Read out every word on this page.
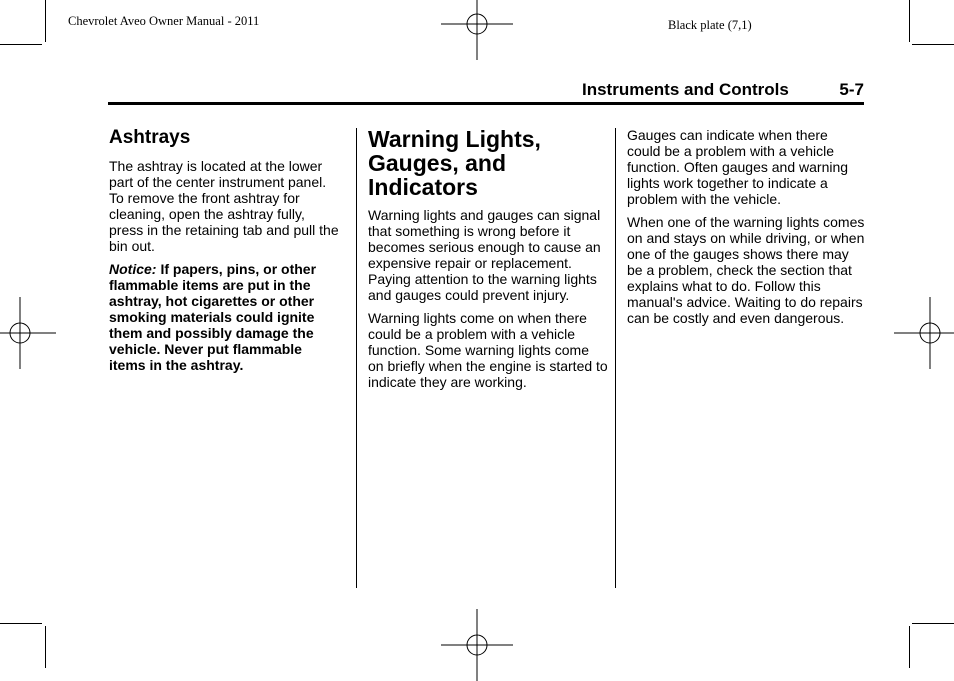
Chevrolet Aveo Owner Manual - 2011	Black plate (7,1)
Instruments and Controls	5-7
Ashtrays

The ashtray is located at the lower part of the center instrument panel. To remove the front ashtray for cleaning, open the ashtray fully, press in the retaining tab and pull the bin out.

Notice: If papers, pins, or other flammable items are put in the ashtray, hot cigarettes or other smoking materials could ignite them and possibly damage the vehicle. Never put flammable items in the ashtray.

Warning Lights, Gauges, and Indicators

Warning lights and gauges can signal that something is wrong before it becomes serious enough to cause an expensive repair or replacement. Paying attention to the warning lights and gauges could prevent injury.

Warning lights come on when there could be a problem with a vehicle function. Some warning lights come on briefly when the engine is started to indicate they are working.

Gauges can indicate when there could be a problem with a vehicle function. Often gauges and warning lights work together to indicate a problem with the vehicle.

When one of the warning lights comes on and stays on while driving, or when one of the gauges shows there may be a problem, check the section that explains what to do. Follow this manual's advice. Waiting to do repairs can be costly and even dangerous.
